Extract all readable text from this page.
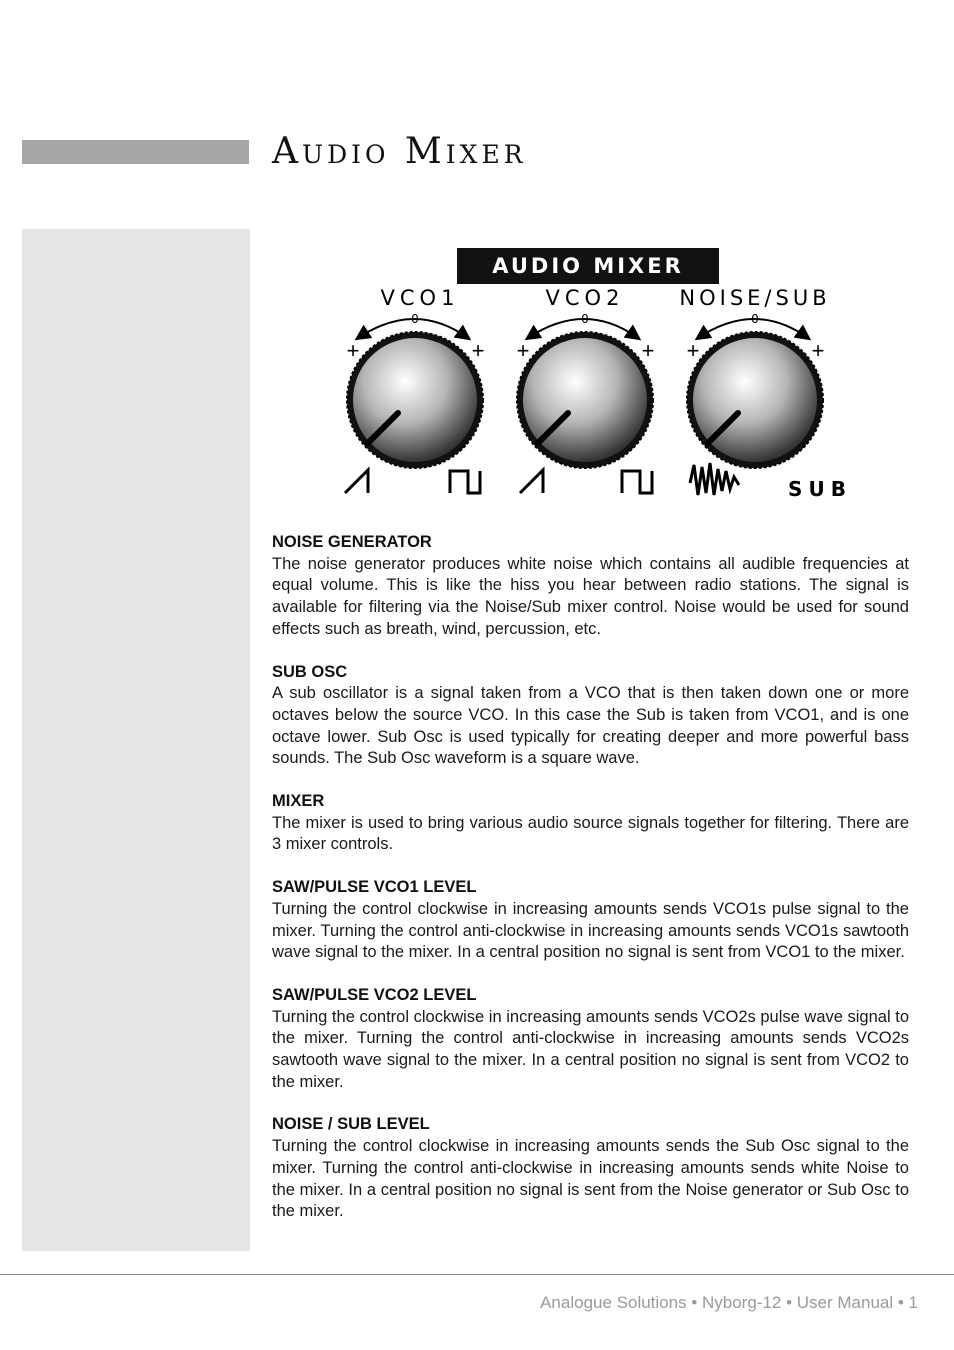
Audio Mixer
AUDIO MIXER
VCO1
0
+	+
VCO2
0
+	+
NOISE/SUB
0
+	+
SUB
NOISE GENERATOR

The noise generator produces white noise which contains all audible frequencies at equal volume. This is like the hiss you hear between radio stations. The signal is available for filtering via the Noise/Sub mixer control. Noise would be used for sound effects such as breath, wind, percussion, etc.

SUB OSC

A sub oscillator is a signal taken from a VCO that is then taken down one or more octaves below the source VCO. In this case the Sub is taken from VCO1, and is one octave lower. Sub Osc is used typically for creating deeper and more powerful bass sounds. The Sub Osc waveform is a square wave.

MIXER

The mixer is used to bring various audio source signals together for filtering. There are 3 mixer controls.

SAW/PULSE VCO1 LEVEL

Turning the control clockwise in increasing amounts sends VCO1s pulse signal to the mixer. Turning the control anti-clockwise in increasing amounts sends VCO1s sawtooth wave signal to the mixer. In a central position no signal is sent from VCO1 to the mixer.

SAW/PULSE VCO2 LEVEL

Turning the control clockwise in increasing amounts sends VCO2s pulse wave signal to the mixer. Turning the control anti-clockwise in increasing amounts sends VCO2s sawtooth wave signal to the mixer. In a central position no signal is sent from VCO2 to the mixer.

NOISE / SUB LEVEL

Turning the control clockwise in increasing amounts sends the Sub Osc signal to the mixer. Turning the control anti-clockwise in increasing amounts sends white Noise to the mixer. In a central position no signal is sent from the Noise generator or Sub Osc to the mixer.

Analogue Solutions • Nyborg-12 • User Manual • 1
